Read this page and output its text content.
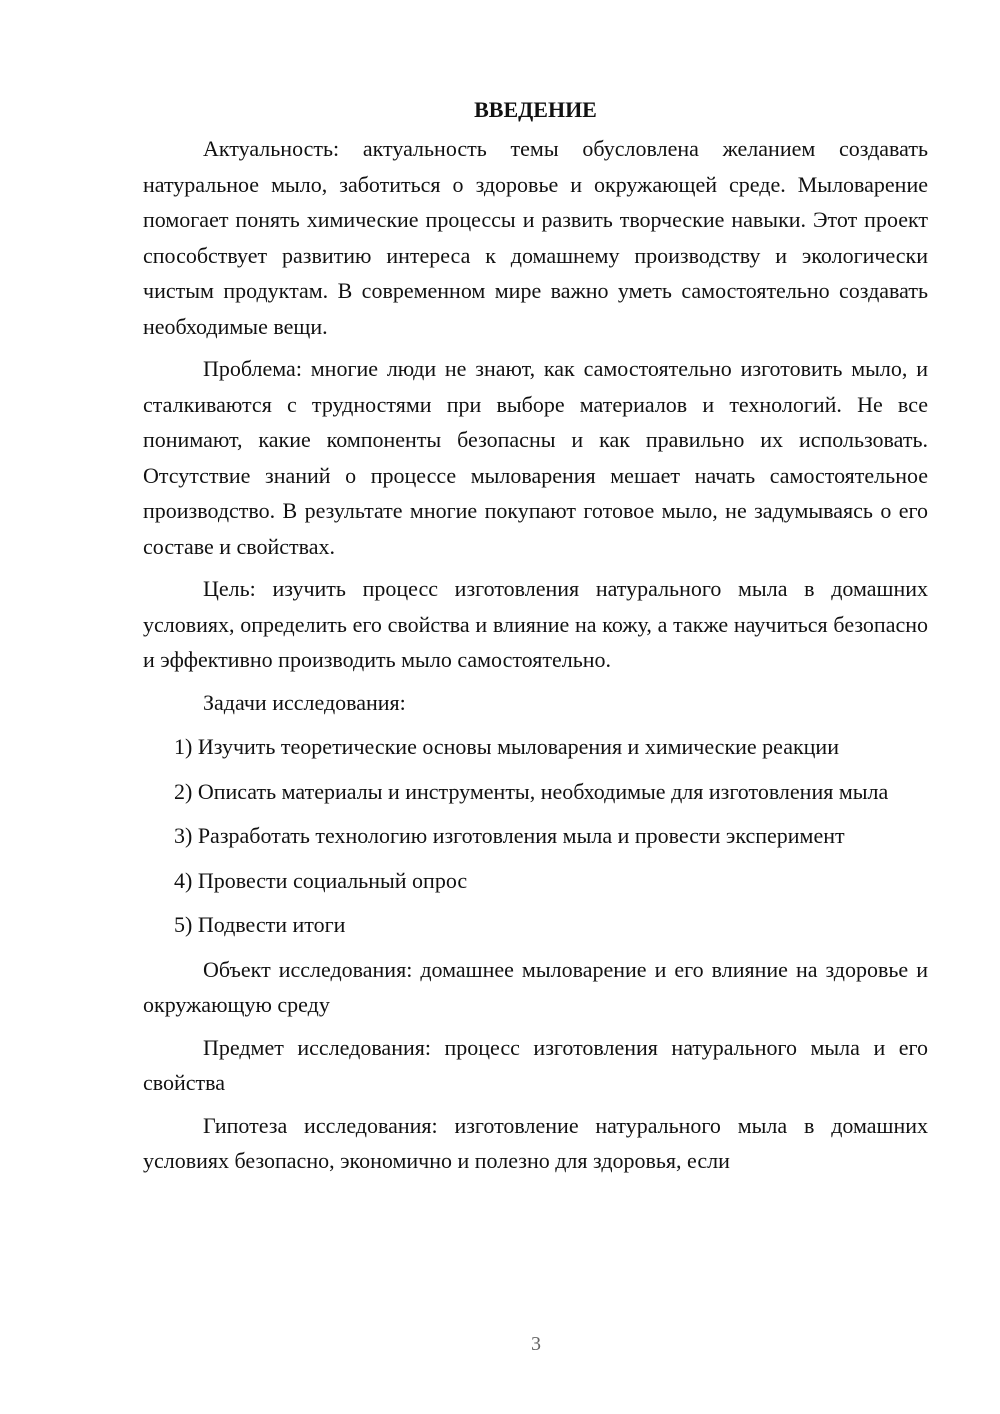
ВВЕДЕНИЕ

Актуальность: актуальность темы обусловлена желанием создавать натуральное мыло, заботиться о здоровье и окружающей среде. Мыловарение помогает понять химические процессы и развить творческие навыки. Этот проект способствует развитию интереса к домашнему производству и экологически чистым продуктам. В современном мире важно уметь самостоятельно создавать необходимые вещи.

Проблема: многие люди не знают, как самостоятельно изготовить мыло, и сталкиваются с трудностями при выборе материалов и технологий. Не все понимают, какие компоненты безопасны и как правильно их использовать. Отсутствие знаний о процессе мыловарения мешает начать самостоятельное производство. В результате многие покупают готовое мыло, не задумываясь о его составе и свойствах.

Цель: изучить процесс изготовления натурального мыла в домашних условиях, определить его свойства и влияние на кожу, а также научиться безопасно и эффективно производить мыло самостоятельно.

Задачи исследования:

1) Изучить теоретические основы мыловарения и химические реакции

2) Описать материалы и инструменты, необходимые для изготовления мыла

3) Разработать технологию изготовления мыла и провести эксперимент

4) Провести социальный опрос

5) Подвести итоги

Объект исследования: домашнее мыловарение и его влияние на здоровье и окружающую среду

Предмет исследования: процесс изготовления натурального мыла и его свойства

Гипотеза исследования: изготовление натурального мыла в домашних условиях безопасно, экономично и полезно для здоровья, если

3
